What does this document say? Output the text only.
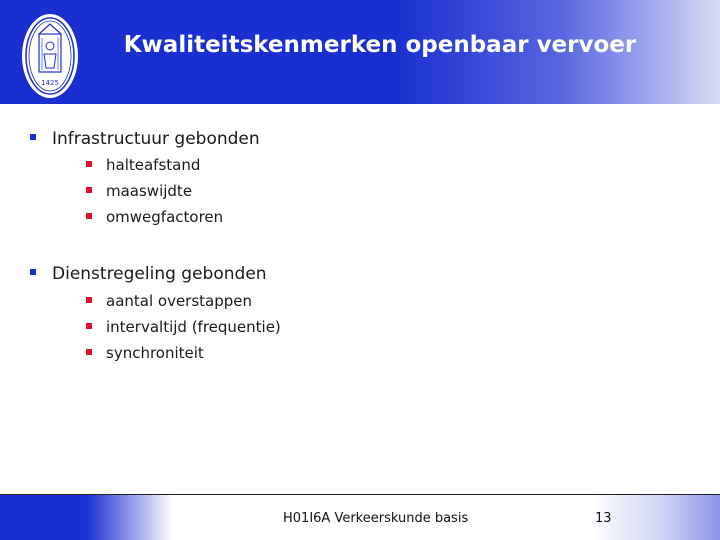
1425
Kwaliteitskenmerken openbaar vervoer
Infrastructuur gebonden
halteafstand
maaswijdte
omwegfactoren
Dienstregeling gebonden
aantal overstappen
intervaltijd (frequentie)
synchroniteit
H01I6A Verkeerskunde basis	13
